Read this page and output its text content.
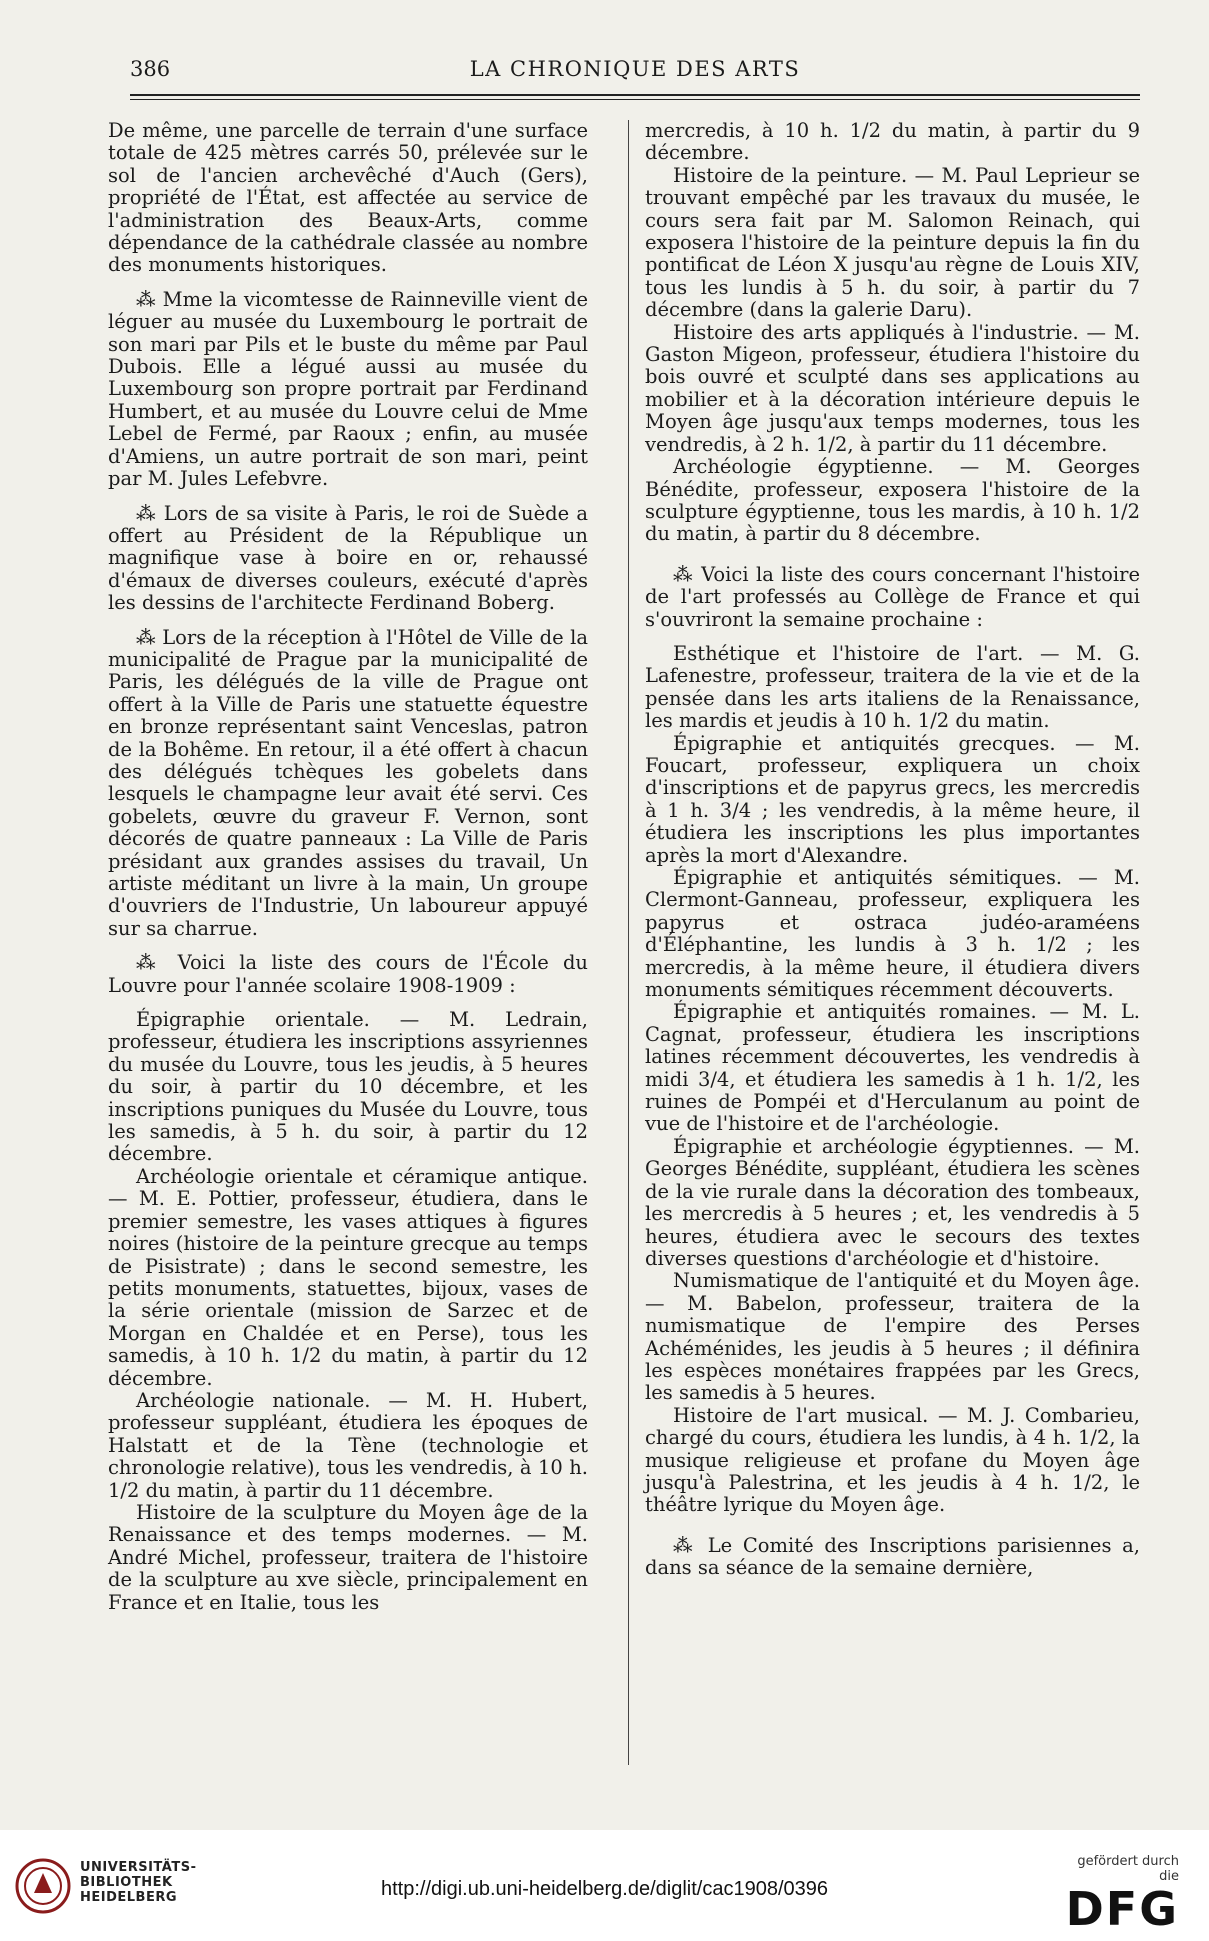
386	LA CHRONIQUE DES ARTS

De même, une parcelle de terrain d'une surface totale de 425 mètres carrés 50, prélevée sur le sol de l'ancien archevêché d'Auch (Gers), propriété de l'État, est affectée au service de l'administration des Beaux-Arts, comme dépendance de la cathédrale classée au nombre des monuments historiques.

⁂ Mme la vicomtesse de Rainneville vient de léguer au musée du Luxembourg le portrait de son mari par Pils et le buste du même par Paul Dubois. Elle a légué aussi au musée du Luxembourg son propre portrait par Ferdinand Humbert, et au musée du Louvre celui de Mme Lebel de Fermé, par Raoux ; enfin, au musée d'Amiens, un autre portrait de son mari, peint par M. Jules Lefebvre.

⁂ Lors de sa visite à Paris, le roi de Suède a offert au Président de la République un magnifique vase à boire en or, rehaussé d'émaux de diverses couleurs, exécuté d'après les dessins de l'architecte Ferdinand Boberg.

⁂ Lors de la réception à l'Hôtel de Ville de la municipalité de Prague par la municipalité de Paris, les délégués de la ville de Prague ont offert à la Ville de Paris une statuette équestre en bronze représentant saint Venceslas, patron de la Bohême. En retour, il a été offert à chacun des délégués tchèques les gobelets dans lesquels le champagne leur avait été servi. Ces gobelets, œuvre du graveur F. Vernon, sont décorés de quatre panneaux : La Ville de Paris présidant aux grandes assises du travail, Un artiste méditant un livre à la main, Un groupe d'ouvriers de l'Industrie, Un laboureur appuyé sur sa charrue.

⁂ Voici la liste des cours de l'École du Louvre pour l'année scolaire 1908-1909 :

Épigraphie orientale. — M. Ledrain, professeur, étudiera les inscriptions assyriennes du musée du Louvre, tous les jeudis, à 5 heures du soir, à partir du 10 décembre, et les inscriptions puniques du Musée du Louvre, tous les samedis, à 5 h. du soir, à partir du 12 décembre.

Archéologie orientale et céramique antique. — M. E. Pottier, professeur, étudiera, dans le premier semestre, les vases attiques à figures noires (histoire de la peinture grecque au temps de Pisistrate) ; dans le second semestre, les petits monuments, statuettes, bijoux, vases de la série orientale (mission de Sarzec et de Morgan en Chaldée et en Perse), tous les samedis, à 10 h. 1/2 du matin, à partir du 12 décembre.

Archéologie nationale. — M. H. Hubert, professeur suppléant, étudiera les époques de Halstatt et de la Tène (technologie et chronologie relative), tous les vendredis, à 10 h. 1/2 du matin, à partir du 11 décembre.

Histoire de la sculpture du Moyen âge de la Renaissance et des temps modernes. — M. André Michel, professeur, traitera de l'histoire de la sculpture au xve siècle, principalement en France et en Italie, tous les

mercredis, à 10 h. 1/2 du matin, à partir du 9 décembre.

Histoire de la peinture. — M. Paul Leprieur se trouvant empêché par les travaux du musée, le cours sera fait par M. Salomon Reinach, qui exposera l'histoire de la peinture depuis la fin du pontificat de Léon X jusqu'au règne de Louis XIV, tous les lundis à 5 h. du soir, à partir du 7 décembre (dans la galerie Daru).

Histoire des arts appliqués à l'industrie. — M. Gaston Migeon, professeur, étudiera l'histoire du bois ouvré et sculpté dans ses applications au mobilier et à la décoration intérieure depuis le Moyen âge jusqu'aux temps modernes, tous les vendredis, à 2 h. 1/2, à partir du 11 décembre.

Archéologie égyptienne. — M. Georges Bénédite, professeur, exposera l'histoire de la sculpture égyptienne, tous les mardis, à 10 h. 1/2 du matin, à partir du 8 décembre.

⁂ Voici la liste des cours concernant l'histoire de l'art professés au Collège de France et qui s'ouvriront la semaine prochaine :

Esthétique et l'histoire de l'art. — M. G. Lafenestre, professeur, traitera de la vie et de la pensée dans les arts italiens de la Renaissance, les mardis et jeudis à 10 h. 1/2 du matin.

Épigraphie et antiquités grecques. — M. Foucart, professeur, expliquera un choix d'inscriptions et de papyrus grecs, les mercredis à 1 h. 3/4 ; les vendredis, à la même heure, il étudiera les inscriptions les plus importantes après la mort d'Alexandre.

Épigraphie et antiquités sémitiques. — M. Clermont-Ganneau, professeur, expliquera les papyrus et ostraca judéo-araméens d'Éléphantine, les lundis à 3 h. 1/2 ; les mercredis, à la même heure, il étudiera divers monuments sémitiques récemment découverts.

Épigraphie et antiquités romaines. — M. L. Cagnat, professeur, étudiera les inscriptions latines récemment découvertes, les vendredis à midi 3/4, et étudiera les samedis à 1 h. 1/2, les ruines de Pompéi et d'Herculanum au point de vue de l'histoire et de l'archéologie.

Épigraphie et archéologie égyptiennes. — M. Georges Bénédite, suppléant, étudiera les scènes de la vie rurale dans la décoration des tombeaux, les mercredis à 5 heures ; et, les vendredis à 5 heures, étudiera avec le secours des textes diverses questions d'archéologie et d'histoire.

Numismatique de l'antiquité et du Moyen âge. — M. Babelon, professeur, traitera de la numismatique de l'empire des Perses Achéménides, les jeudis à 5 heures ; il définira les espèces monétaires frappées par les Grecs, les samedis à 5 heures.

Histoire de l'art musical. — M. J. Combarieu, chargé du cours, étudiera les lundis, à 4 h. 1/2, la musique religieuse et profane du Moyen âge jusqu'à Palestrina, et les jeudis à 4 h. 1/2, le théâtre lyrique du Moyen âge.

⁂ Le Comité des Inscriptions parisiennes a, dans sa séance de la semaine dernière,

UNIVERSITÄTS-
BIBLIOTHEK
HEIDELBERG	http://digi.ub.uni-heidelberg.de/diglit/cac1908/0396
gefördert durch die
DFG
